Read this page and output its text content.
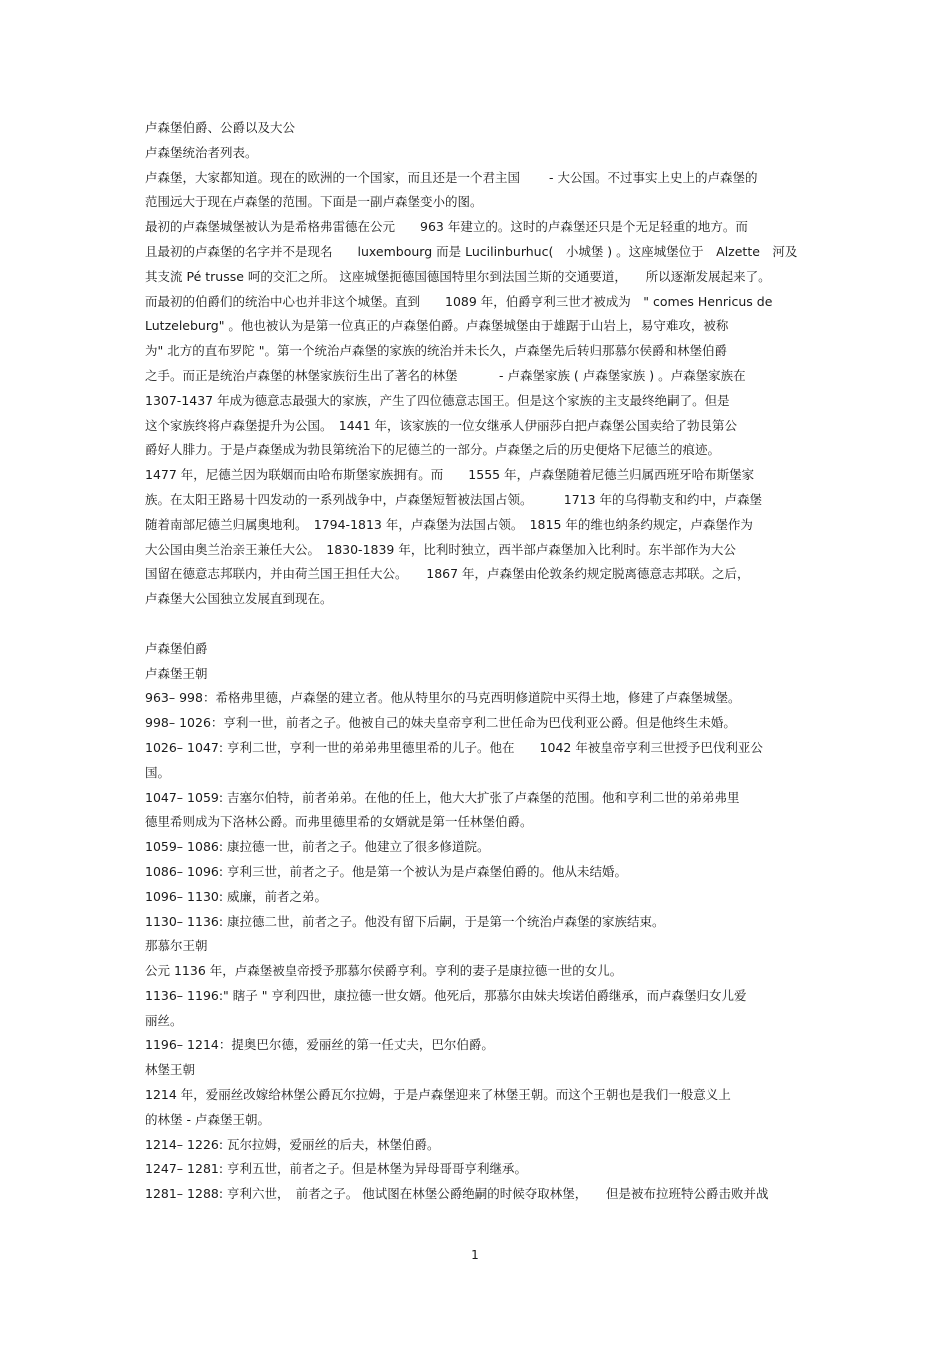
卢森堡伯爵、公爵以及大公
卢森堡统治者列表。
卢森堡，大家都知道。现在的欧洲的一个国家，而且还是一个君主国　　 - 大公国。不过事实上史上的卢森堡的
范围远大于现在卢森堡的范围。下面是一副卢森堡变小的图。
最初的卢森堡城堡被认为是希格弗雷德在公元　　963 年建立的。这时的卢森堡还只是个无足轻重的地方。而
且最初的卢森堡的名字并不是现名　　luxembourg 而是 Lucilinburhuc(　小城堡 ) 。这座城堡位于　Alzette　河及
其支流 Pé trusse 呵的交汇之所。 这座城堡扼德国德国特里尔到法国兰斯的交通要道，　　所以逐渐发展起来了。
而最初的伯爵们的统治中心也并非这个城堡。直到　　1089 年，伯爵亨利三世才被成为　" comes Henricus de
Lutzeleburg" 。他也被认为是第一位真正的卢森堡伯爵。卢森堡城堡由于雄踞于山岩上，易守难攻，被称
为" 北方的直布罗陀 "。第一个统治卢森堡的家族的统治并未长久，卢森堡先后转归那慕尔侯爵和林堡伯爵
之手。而正是统治卢森堡的林堡家族衍生出了著名的林堡　　　 - 卢森堡家族 ( 卢森堡家族 ) 。卢森堡家族在
1307-1437 年成为德意志最强大的家族，产生了四位德意志国王。但是这个家族的主支最终绝嗣了。但是
这个家族终将卢森堡提升为公国。　1441 年，该家族的一位女继承人伊丽莎白把卢森堡公国卖给了勃艮第公
爵好人腓力。于是卢森堡成为勃艮第统治下的尼德兰的一部分。卢森堡之后的历史便烙下尼德兰的痕迹。
1477 年，尼德兰因为联姻而由哈布斯堡家族拥有。而　　1555 年，卢森堡随着尼德兰归属西班牙哈布斯堡家
族。在太阳王路易十四发动的一系列战争中，卢森堡短暂被法国占领。　　　1713 年的乌得勒支和约中，卢森堡
随着南部尼德兰归属奥地利。　1794-1813 年，卢森堡为法国占领。　1815 年的维也纳条约规定，卢森堡作为
大公国由奥兰治亲王兼任大公。　1830-1839 年，比利时独立，西半部卢森堡加入比利时。东半部作为大公
国留在德意志邦联内，并由荷兰国王担任大公。　　1867 年，卢森堡由伦敦条约规定脱离德意志邦联。之后，
卢森堡大公国独立发展直到现在。
卢森堡伯爵
卢森堡王朝
963– 998：希格弗里德，卢森堡的建立者。他从特里尔的马克西明修道院中买得土地，修建了卢森堡城堡。
998– 1026：亨利一世，前者之子。他被自己的妹夫皇帝亨利二世任命为巴伐利亚公爵。但是他终生未婚。
1026– 1047: 亨利二世，亨利一世的弟弟弗里德里希的儿子。他在　　1042 年被皇帝亨利三世授予巴伐利亚公
国。
1047– 1059: 吉塞尔伯特，前者弟弟。在他的任上，他大大扩张了卢森堡的范围。他和亨利二世的弟弟弗里
德里希则成为下洛林公爵。而弗里德里希的女婿就是第一任林堡伯爵。
1059– 1086: 康拉德一世，前者之子。他建立了很多修道院。
1086– 1096: 亨利三世，前者之子。他是第一个被认为是卢森堡伯爵的。他从未结婚。
1096– 1130: 威廉，前者之弟。
1130– 1136: 康拉德二世，前者之子。他没有留下后嗣，于是第一个统治卢森堡的家族结束。
那慕尔王朝
公元 1136 年，卢森堡被皇帝授予那慕尔侯爵亨利。亨利的妻子是康拉德一世的女儿。
1136– 1196:" 瞎子 " 亨利四世，康拉德一世女婿。他死后，那慕尔由妹夫埃诺伯爵继承，而卢森堡归女儿爱
丽丝。
1196– 1214：提奥巴尔德，爱丽丝的第一任丈夫，巴尔伯爵。
林堡王朝
1214 年，爱丽丝改嫁给林堡公爵瓦尔拉姆，于是卢森堡迎来了林堡王朝。而这个王朝也是我们一般意义上
的林堡 - 卢森堡王朝。
1214– 1226: 瓦尔拉姆，爱丽丝的后夫，林堡伯爵。
1247– 1281: 亨利五世，前者之子。但是林堡为异母哥哥亨利继承。
1281– 1288: 亨利六世，　前者之子。 他试图在林堡公爵绝嗣的时候夺取林堡，　　但是被布拉班特公爵击败并战
1
